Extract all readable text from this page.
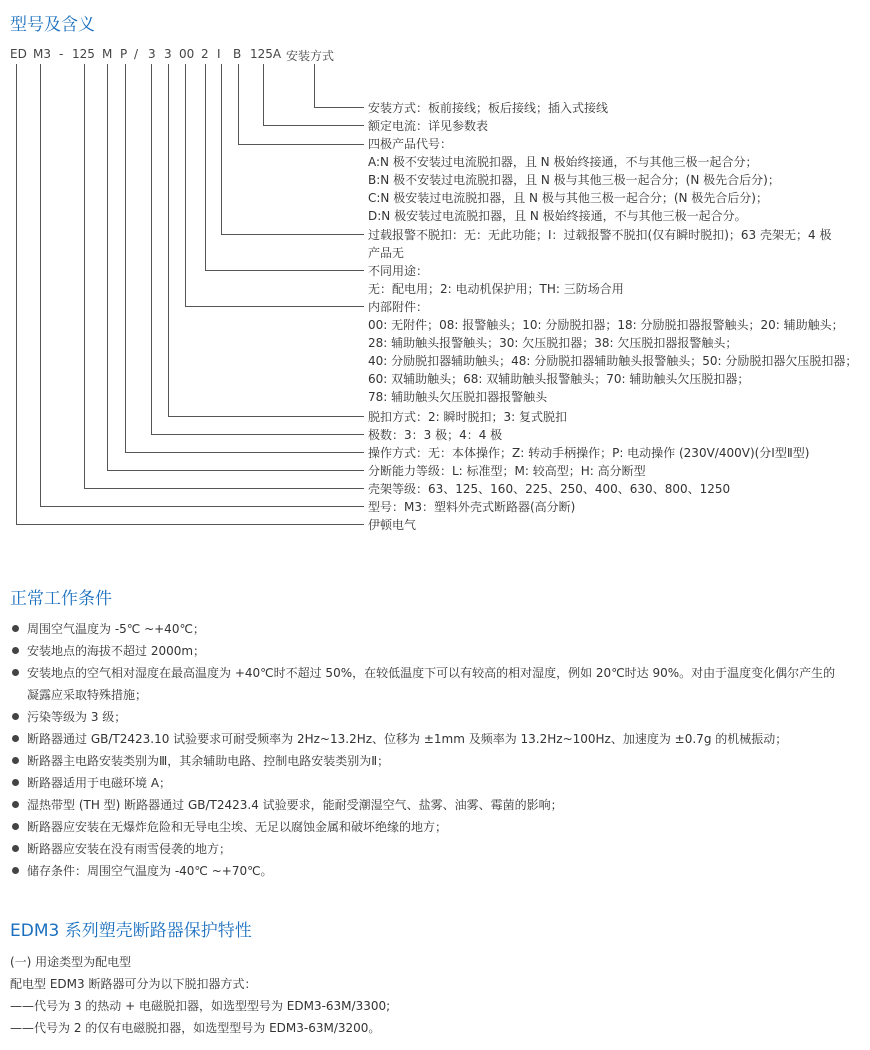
型号及含义
ED M3 - 125 M P / 3 3 00 2 I B 125A 安装方式
安装方式：板前接线；板后接线；插入式接线
额定电流：详见参数表
四极产品代号：
A:N 极不安装过电流脱扣器，且 N 极始终接通，不与其他三极一起合分；
B:N 极不安装过电流脱扣器，且 N 极与其他三极一起合分；(N 极先合后分)；
C:N 极安装过电流脱扣器，且 N 极与其他三极一起合分；(N 极先合后分)；
D:N 极安装过电流脱扣器，且 N 极始终接通，不与其他三极一起合分。
过载报警不脱扣：无：无此功能；Ⅰ：过载报警不脱扣(仅有瞬时脱扣)；63 壳架无；4 极
产品无
不同用途：
无：配电用；2: 电动机保护用；TH: 三防场合用
内部附件：
00: 无附件；08: 报警触头；10: 分励脱扣器；18: 分励脱扣器报警触头；20: 辅助触头；
28: 辅助触头报警触头；30: 欠压脱扣器；38: 欠压脱扣器报警触头；
40: 分励脱扣器辅助触头；48: 分励脱扣器辅助触头报警触头；50: 分励脱扣器欠压脱扣器；
60: 双辅助触头；68: 双辅助触头报警触头；70: 辅助触头欠压脱扣器；
78: 辅助触头欠压脱扣器报警触头
脱扣方式：2: 瞬时脱扣；3: 复式脱扣
极数：3：3 极；4：4 极
操作方式：无：本体操作；Z: 转动手柄操作；P: 电动操作 (230V/400V)(分Ⅰ型Ⅱ型)
分断能力等级：L: 标准型；M: 较高型；H: 高分断型
壳架等级：63、125、160、225、250、400、630、800、1250
型号：M3：塑料外壳式断路器(高分断)
伊顿电气
正常工作条件
周围空气温度为 -5℃ ~+40℃；
安装地点的海拔不超过 2000m；
安装地点的空气相对湿度在最高温度为 +40℃时不超过 50%，在较低温度下可以有较高的相对湿度，例如 20℃时达 90%。对由于温度变化偶尔产生的
凝露应采取特殊措施；
污染等级为 3 级；
断路器通过 GB/T2423.10 试验要求可耐受频率为 2Hz~13.2Hz、位移为 ±1mm 及频率为 13.2Hz~100Hz、加速度为 ±0.7g 的机械振动；
断路器主电路安装类别为Ⅲ，其余辅助电路、控制电路安装类别为Ⅱ；
断路器适用于电磁环境 A；
湿热带型 (TH 型) 断路器通过 GB/T2423.4 试验要求，能耐受潮湿空气、盐雾、油雾、霉菌的影响；
断路器应安装在无爆炸危险和无导电尘埃、无足以腐蚀金属和破坏绝缘的地方；
断路器应安装在没有雨雪侵袭的地方；
储存条件：周围空气温度为 -40℃ ~+70℃。
EDM3 系列塑壳断路器保护特性
(一) 用途类型为配电型
配电型 EDM3 断路器可分为以下脱扣器方式：
——代号为 3 的热动 + 电磁脱扣器，如选型型号为 EDM3-63M/3300;
——代号为 2 的仅有电磁脱扣器，如选型型号为 EDM3-63M/3200。
